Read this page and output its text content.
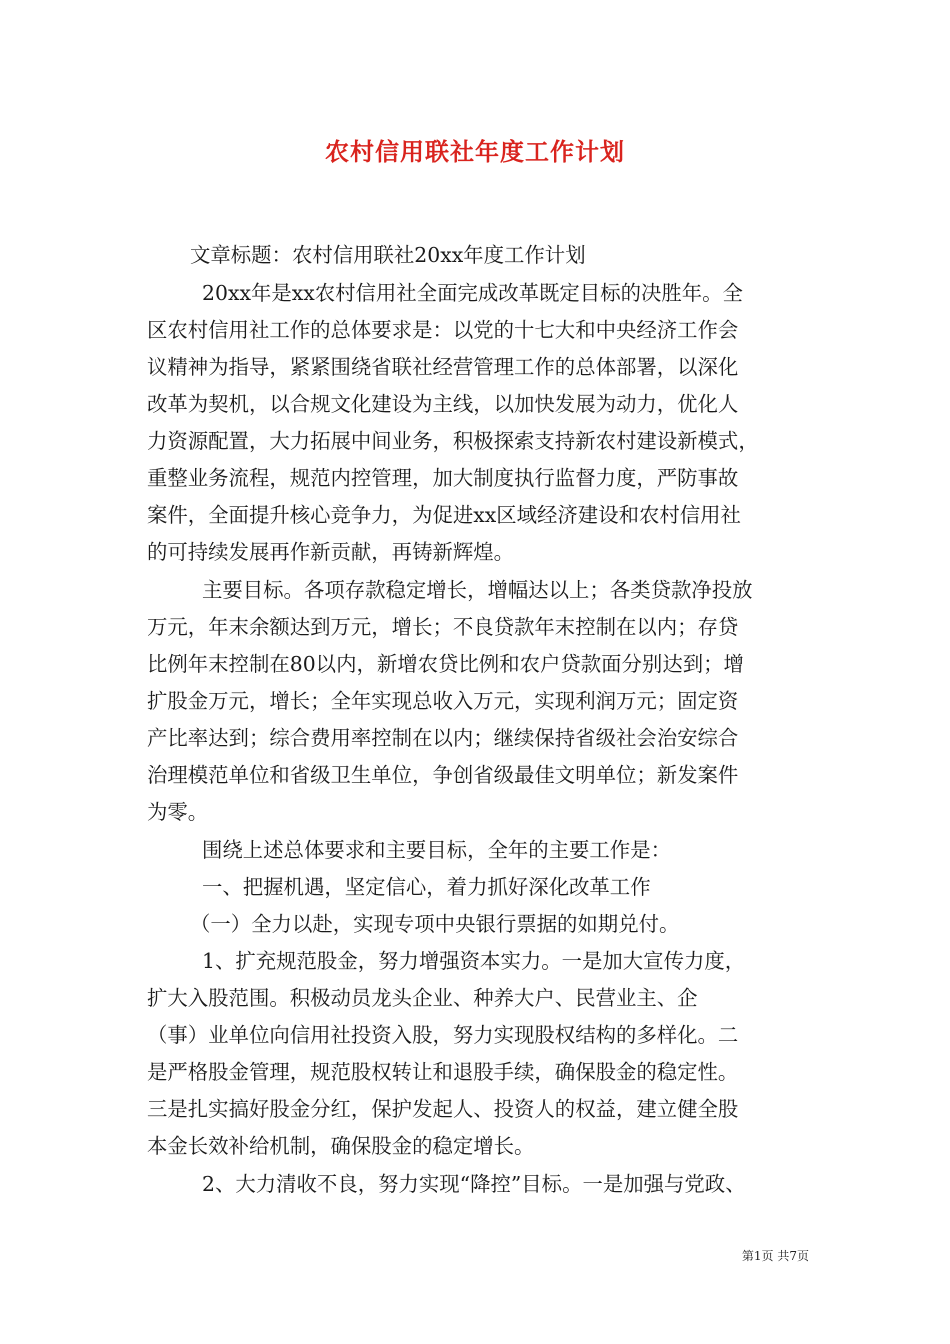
农村信用联社年度工作计划
文章标题：农村信用联社20xx年度工作计划
20xx年是xx农村信用社全面完成改革既定目标的决胜年。全
区农村信用社工作的总体要求是：以党的十七大和中央经济工作会
议精神为指导，紧紧围绕省联社经营管理工作的总体部署，以深化
改革为契机，以合规文化建设为主线，以加快发展为动力，优化人
力资源配置，大力拓展中间业务，积极探索支持新农村建设新模式，
重整业务流程，规范内控管理，加大制度执行监督力度，严防事故
案件，全面提升核心竞争力，为促进xx区域经济建设和农村信用社
的可持续发展再作新贡献，再铸新辉煌。
主要目标。各项存款稳定增长，增幅达以上；各类贷款净投放
万元，年末余额达到万元，增长；不良贷款年末控制在以内；存贷
比例年末控制在80以内，新增农贷比例和农户贷款面分别达到；增
扩股金万元，增长；全年实现总收入万元，实现利润万元；固定资
产比率达到；综合费用率控制在以内；继续保持省级社会治安综合
治理模范单位和省级卫生单位，争创省级最佳文明单位；新发案件
为零。
围绕上述总体要求和主要目标，全年的主要工作是：
一、把握机遇，坚定信心，着力抓好深化改革工作
（一）全力以赴，实现专项中央银行票据的如期兑付。
1、扩充规范股金，努力增强资本实力。一是加大宣传力度，
扩大入股范围。积极动员龙头企业、种养大户、民营业主、企
（事）业单位向信用社投资入股，努力实现股权结构的多样化。二
是严格股金管理，规范股权转让和退股手续，确保股金的稳定性。
三是扎实搞好股金分红，保护发起人、投资人的权益，建立健全股
本金长效补给机制，确保股金的稳定增长。
2、大力清收不良，努力实现“降控”目标。一是加强与党政、
第1页 共7页
